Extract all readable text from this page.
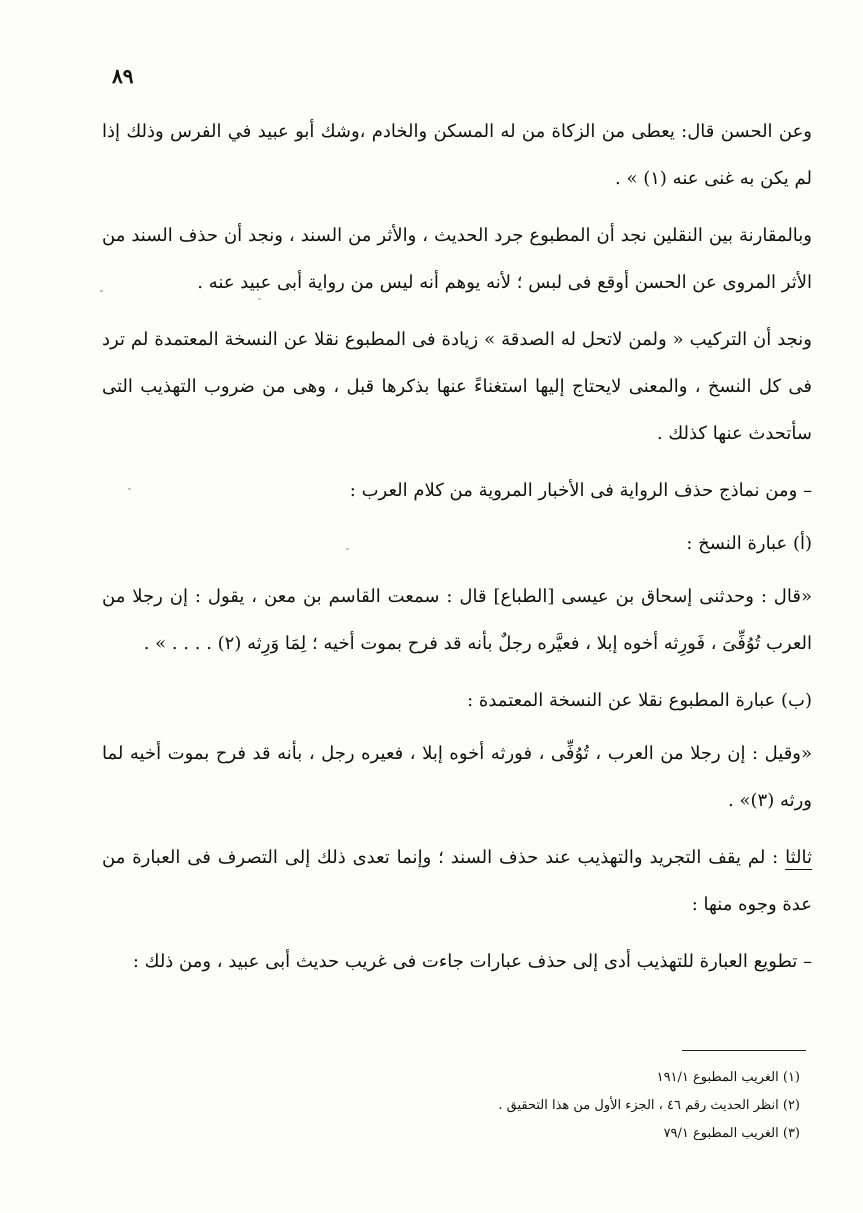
٨٩

وعن الحسن قال: يعطى من الزكاة من له المسكن والخادم ،وشك أبو عبيد في الفرس وذلك إذا لم يكن به غنى عنه (١) » .

وبالمقارنة بين النقلين نجد أن المطبوع جرد الحديث ، والأثر من السند ، ونجد أن حذف السند من الأثر المروى عن الحسن أوقع فى لبس ؛ لأنه يوهم أنه ليس من رواية أبى عبيد عنه .

ونجد أن التركيب « ولمن لاتحل له الصدقة » زيادة فى المطبوع نقلا عن النسخة المعتمدة لم ترد فى كل النسخ ، والمعنى لايحتاج إليها استغناءً عنها بذكرها قبل ، وهى من ضروب التهذيب التى سأتحدث عنها كذلك .

– ومن نماذج حذف الرواية فى الأخبار المروية من كلام العرب :

(أ) عبارة النسخ :

«قال : وحدثنى إسحاق بن عيسى [الطباع] قال : سمعت القاسم بن معن ، يقول : إن رجلا من العرب تُوُفِّىَ ، فَورِثه أخوه إبلا ، فعيَّره رجلٌ بأنه قد فرح بموت أخيه ؛ لِمَا وَرِثه (٢) . . . . » .

(ب) عبارة المطبوع نقلا عن النسخة المعتمدة :

«وقيل : إن رجلا من العرب ، تُوُفِّى ، فورثه أخوه إبلا ، فعيره رجل ، بأنه قد فرح بموت أخيه لما ورثه (٣)» .

ثالثا : لم يقف التجريد والتهذيب عند حذف السند ؛ وإنما تعدى ذلك إلى التصرف فى العبارة من عدة وجوه منها :

– تطويع العبارة للتهذيب أدى إلى حذف عبارات جاءت فى غريب حديث أبى عبيد ، ومن ذلك :

(١) الغريب المطبوع ١٩١/١

(٢) انظر الحديث رقم ٤٦ ، الجزء الأول من هذا التحقيق .

(٣) الغريب المطبوع ٧٩/١
